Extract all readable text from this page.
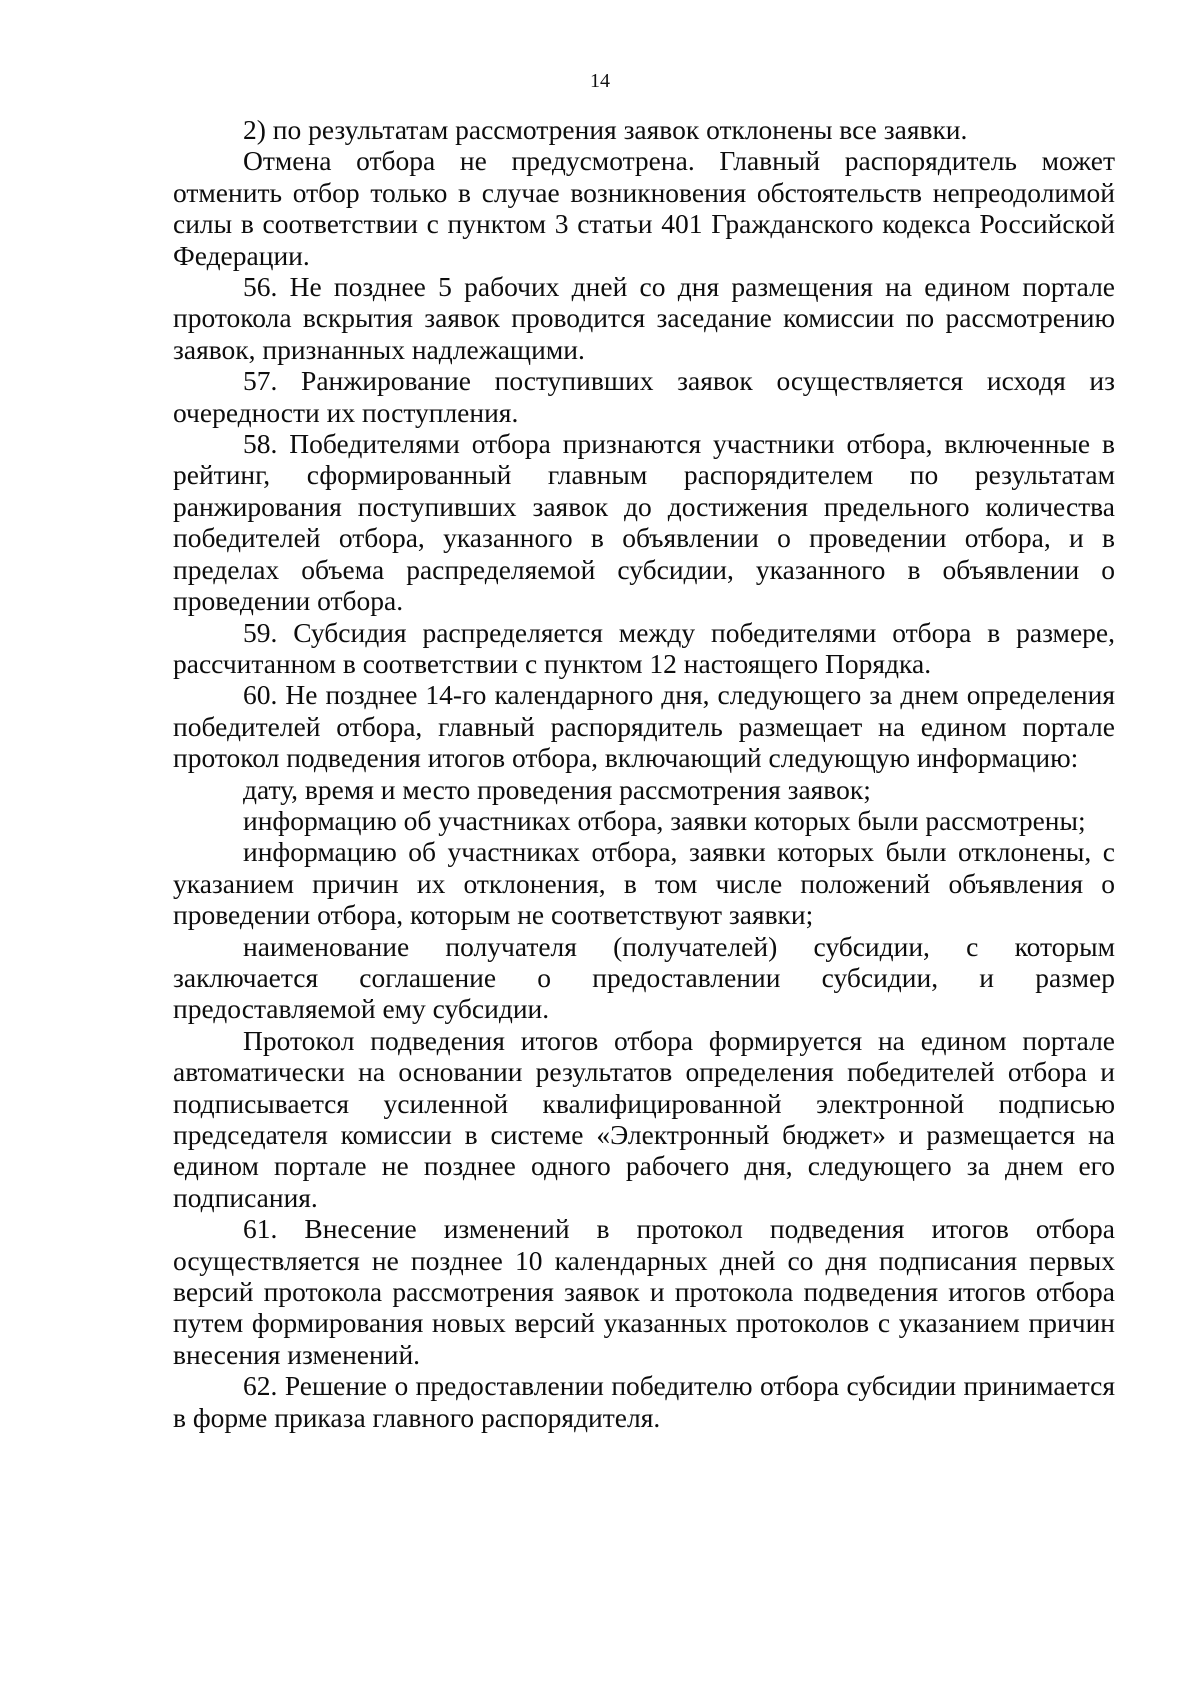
14

2) по результатам рассмотрения заявок отклонены все заявки.

Отмена отбора не предусмотрена. Главный распорядитель может отменить отбор только в случае возникновения обстоятельств непреодолимой силы в соответствии с пунктом 3 статьи 401 Гражданского кодекса Российской Федерации.

56. Не позднее 5 рабочих дней со дня размещения на едином портале протокола вскрытия заявок проводится заседание комиссии по рассмотрению заявок, признанных надлежащими.

57. Ранжирование поступивших заявок осуществляется исходя из очередности их поступления.

58. Победителями отбора признаются участники отбора, включенные в рейтинг, сформированный главным распорядителем по результатам ранжирования поступивших заявок до достижения предельного количества победителей отбора, указанного в объявлении о проведении отбора, и в пределах объема распределяемой субсидии, указанного в объявлении о проведении отбора.

59. Субсидия распределяется между победителями отбора в размере, рассчитанном в соответствии с пунктом 12 настоящего Порядка.

60. Не позднее 14-го календарного дня, следующего за днем определения победителей отбора, главный распорядитель размещает на едином портале протокол подведения итогов отбора, включающий следующую информацию:

дату, время и место проведения рассмотрения заявок;

информацию об участниках отбора, заявки которых были рассмотрены;

информацию об участниках отбора, заявки которых были отклонены, с указанием причин их отклонения, в том числе положений объявления о проведении отбора, которым не соответствуют заявки;

наименование получателя (получателей) субсидии, с которым заключается соглашение о предоставлении субсидии, и размер предоставляемой ему субсидии.

Протокол подведения итогов отбора формируется на едином портале автоматически на основании результатов определения победителей отбора и подписывается усиленной квалифицированной электронной подписью председателя комиссии в системе «Электронный бюджет» и размещается на едином портале не позднее одного рабочего дня, следующего за днем его подписания.

61. Внесение изменений в протокол подведения итогов отбора осуществляется не позднее 10 календарных дней со дня подписания первых версий протокола рассмотрения заявок и протокола подведения итогов отбора путем формирования новых версий указанных протоколов с указанием причин внесения изменений.

62. Решение о предоставлении победителю отбора субсидии принимается в форме приказа главного распорядителя.
